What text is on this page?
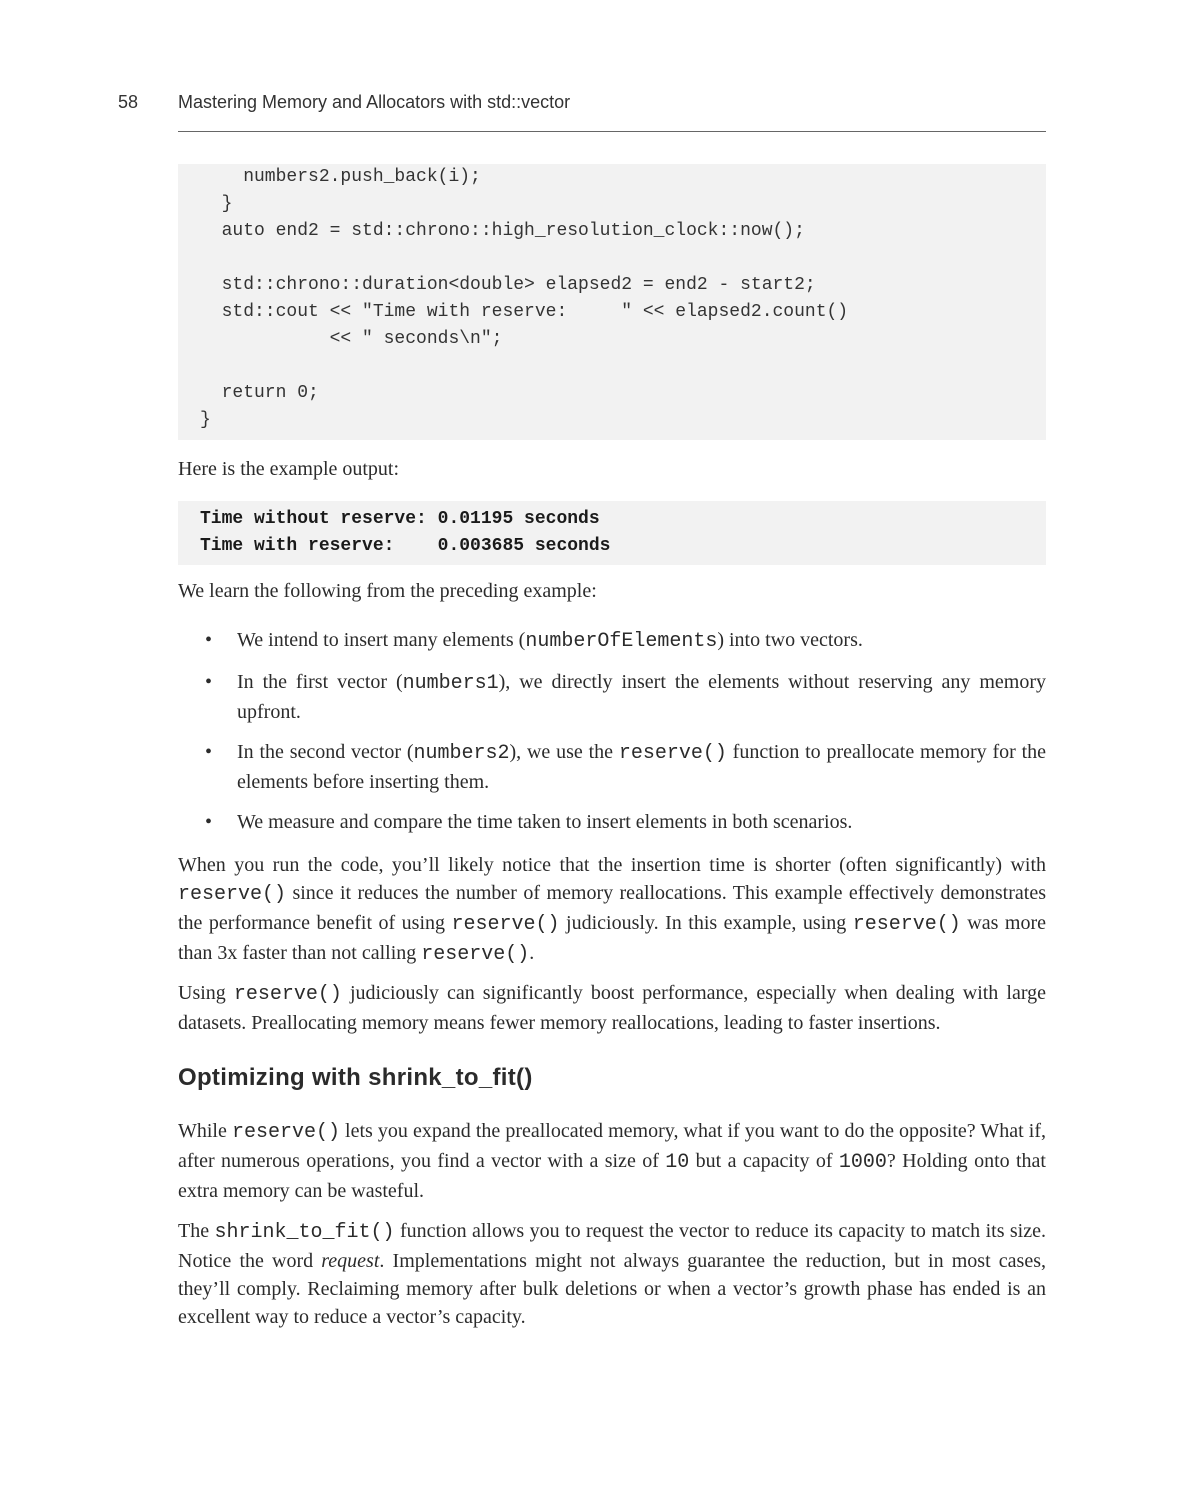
58 Mastering Memory and Allocators with std::vector
numbers2.push_back(i);
}
auto end2 = std::chrono::high_resolution_clock::now();
std::chrono::duration<double> elapsed2 = end2 - start2;
std::cout << "Time with reserve:     " << elapsed2.count()
<< " seconds\n";
return 0;
}

Here is the example output:

Time without reserve: 0.01195 seconds
Time with reserve:    0.003685 seconds

We learn the following from the preceding example:

• We intend to insert many elements (numberOfElements) into two vectors.
• In the first vector (numbers1), we directly insert the elements without reserving any memory upfront.
• In the second vector (numbers2), we use the reserve() function to preallocate memory for the elements before inserting them.
• We measure and compare the time taken to insert elements in both scenarios.

When you run the code, you’ll likely notice that the insertion time is shorter (often significantly) with reserve() since it reduces the number of memory reallocations. This example effectively demonstrates the performance benefit of using reserve() judiciously. In this example, using reserve() was more than 3x faster than not calling reserve().

Using reserve() judiciously can significantly boost performance, especially when dealing with large datasets. Preallocating memory means fewer memory reallocations, leading to faster insertions.

Optimizing with shrink_to_fit()

While reserve() lets you expand the preallocated memory, what if you want to do the opposite? What if, after numerous operations, you find a vector with a size of 10 but a capacity of 1000? Holding onto that extra memory can be wasteful.

The shrink_to_fit() function allows you to request the vector to reduce its capacity to match its size. Notice the word request. Implementations might not always guarantee the reduction, but in most cases, they’ll comply. Reclaiming memory after bulk deletions or when a vector’s growth phase has ended is an excellent way to reduce a vector’s capacity.
